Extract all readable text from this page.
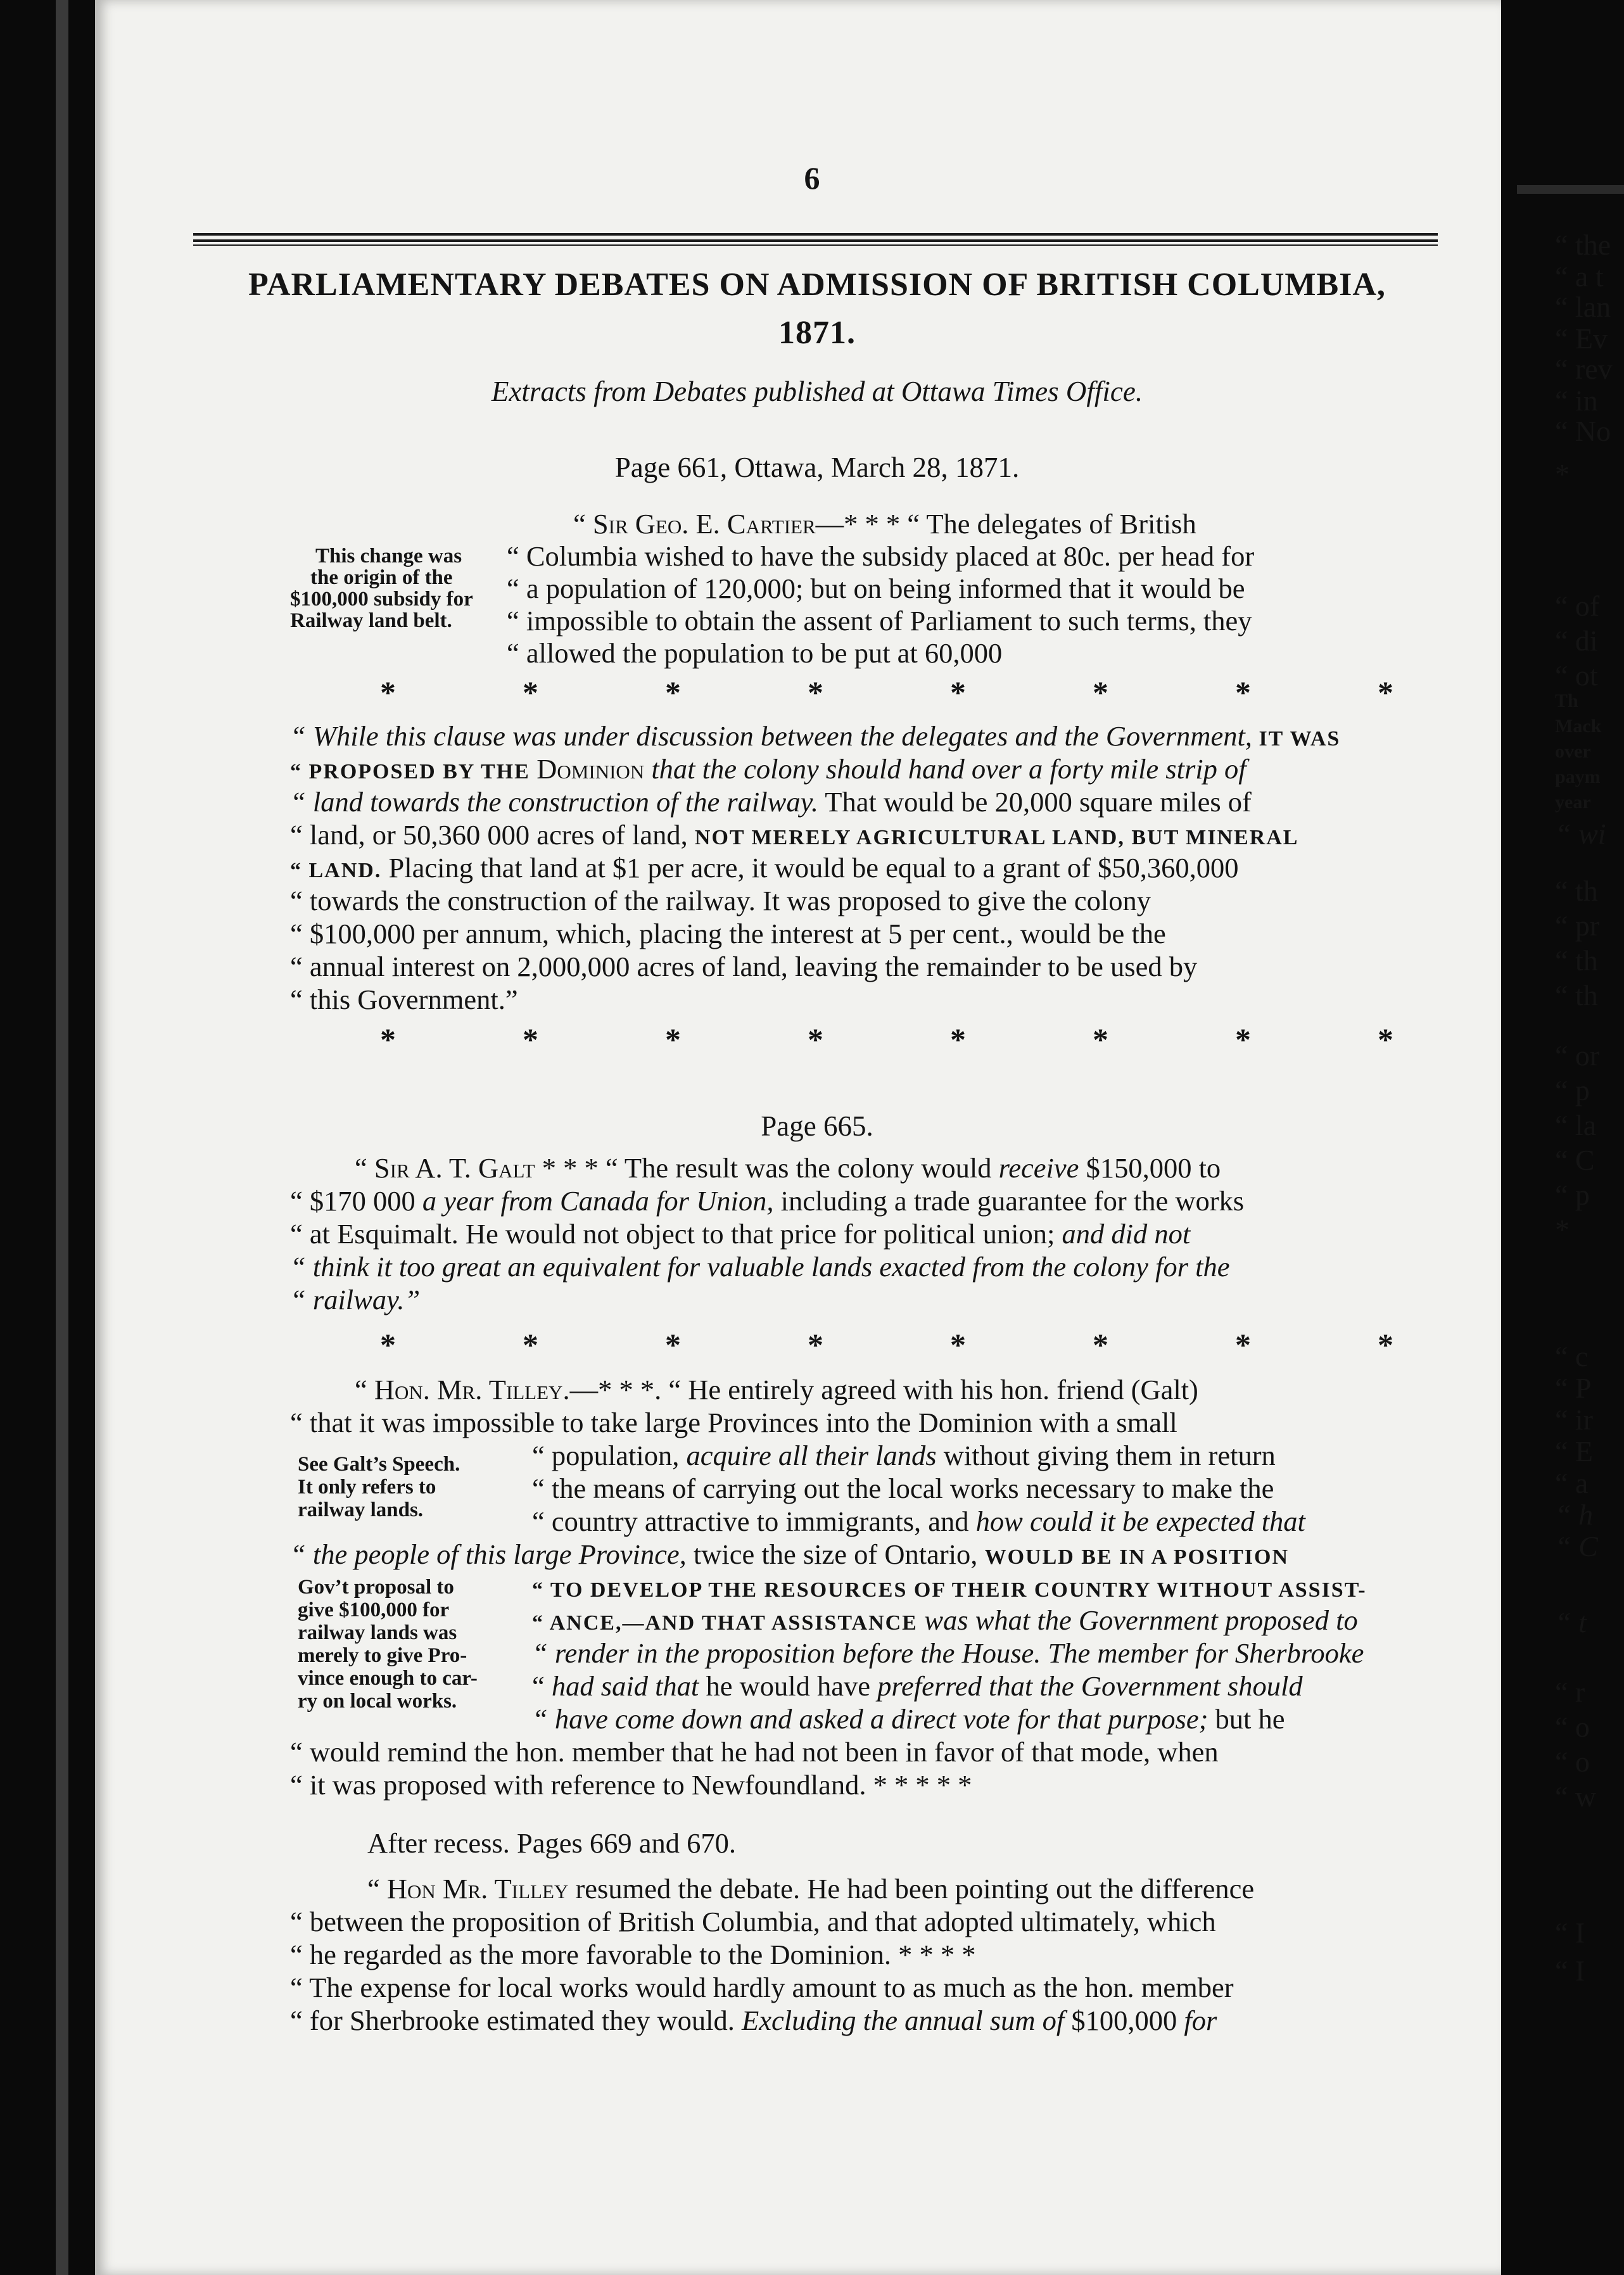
“ the
“ a t
“ lan
“ Ev
“ rev
“ in
“ No
*
“ of
“ di
“ ot
Th
Mack
over
paym
year
“ wi
“ th
“ pr
“ th
“ th
“ or
“ p
“ la
“ C
“ p
*
“ c
“ P
“ ir
“ E
“ a
“ h
“ C
“ t
“ r
“ o
“ o
“ w
“ I
“ I
6
PARLIAMENTARY DEBATES ON ADMISSION OF BRITISH COLUMBIA,
1871.
Extracts from Debates published at Ottawa Times Office.
Page 661, Ottawa, March 28, 1871.
“ Sir Geo. E. Cartier—* * * “ The delegates of British
“ Columbia wished to have the subsidy placed at 80c. per head for
“ a population of 120,000; but on being informed that it would be
“ impossible to obtain the assent of Parliament to such terms, they
“ allowed the population to be put at 60,000
This change was
the origin of the
$100,000 subsidy for
Railway land belt.
*	*	*	*	*	*	*	*
“ While this clause was under discussion between the delegates and the Government, IT WAS
“ PROPOSED BY THE Dominion that the colony should hand over a forty mile strip of
“ land towards the construction of the railway. That would be 20,000 square miles of
“ land, or 50,360 000 acres of land, NOT MERELY AGRICULTURAL LAND, BUT MINERAL
“ LAND. Placing that land at $1 per acre, it would be equal to a grant of $50,360,000
“ towards the construction of the railway. It was proposed to give the colony
“ $100,000 per annum, which, placing the interest at 5 per cent., would be the
“ annual interest on 2,000,000 acres of land, leaving the remainder to be used by
“ this Government.”
*	*	*	*	*	*	*	*
Page 665.
“ Sir A. T. Galt * * * “ The result was the colony would receive $150,000 to
“ $170 000 a year from Canada for Union, including a trade guarantee for the works
“ at Esquimalt. He would not object to that price for political union; and did not
“ think it too great an equivalent for valuable lands exacted from the colony for the
“ railway.”
*	*	*	*	*	*	*	*
“ Hon. Mr. Tilley.—* * *. “ He entirely agreed with his hon. friend (Galt)
“ that it was impossible to take large Provinces into the Dominion with a small
“ population, acquire all their lands without giving them in return
“ the means of carrying out the local works necessary to make the
“ country attractive to immigrants, and how could it be expected that
“ the people of this large Province, twice the size of Ontario, WOULD BE IN A POSITION
“ TO DEVELOP THE RESOURCES OF THEIR COUNTRY WITHOUT ASSIST-
“ ANCE,—AND THAT ASSISTANCE was what the Government proposed to
“ render in the proposition before the House. The member for Sherbrooke
“ had said that he would have preferred that the Government should
“ have come down and asked a direct vote for that purpose; but he
“ would remind the hon. member that he had not been in favor of that mode, when
“ it was proposed with reference to Newfoundland. * * * * *
See Galt’s Speech.
It only refers to
railway lands.
Gov’t proposal to
give $100,000 for
railway lands was
merely to give Pro-
vince enough to car-
ry on local works.
After recess. Pages 669 and 670.
“ Hon Mr. Tilley resumed the debate. He had been pointing out the difference
“ between the proposition of British Columbia, and that adopted ultimately, which
“ he regarded as the more favorable to the Dominion. * * * *
“ The expense for local works would hardly amount to as much as the hon. member
“ for Sherbrooke estimated they would. Excluding the annual sum of $100,000 for
